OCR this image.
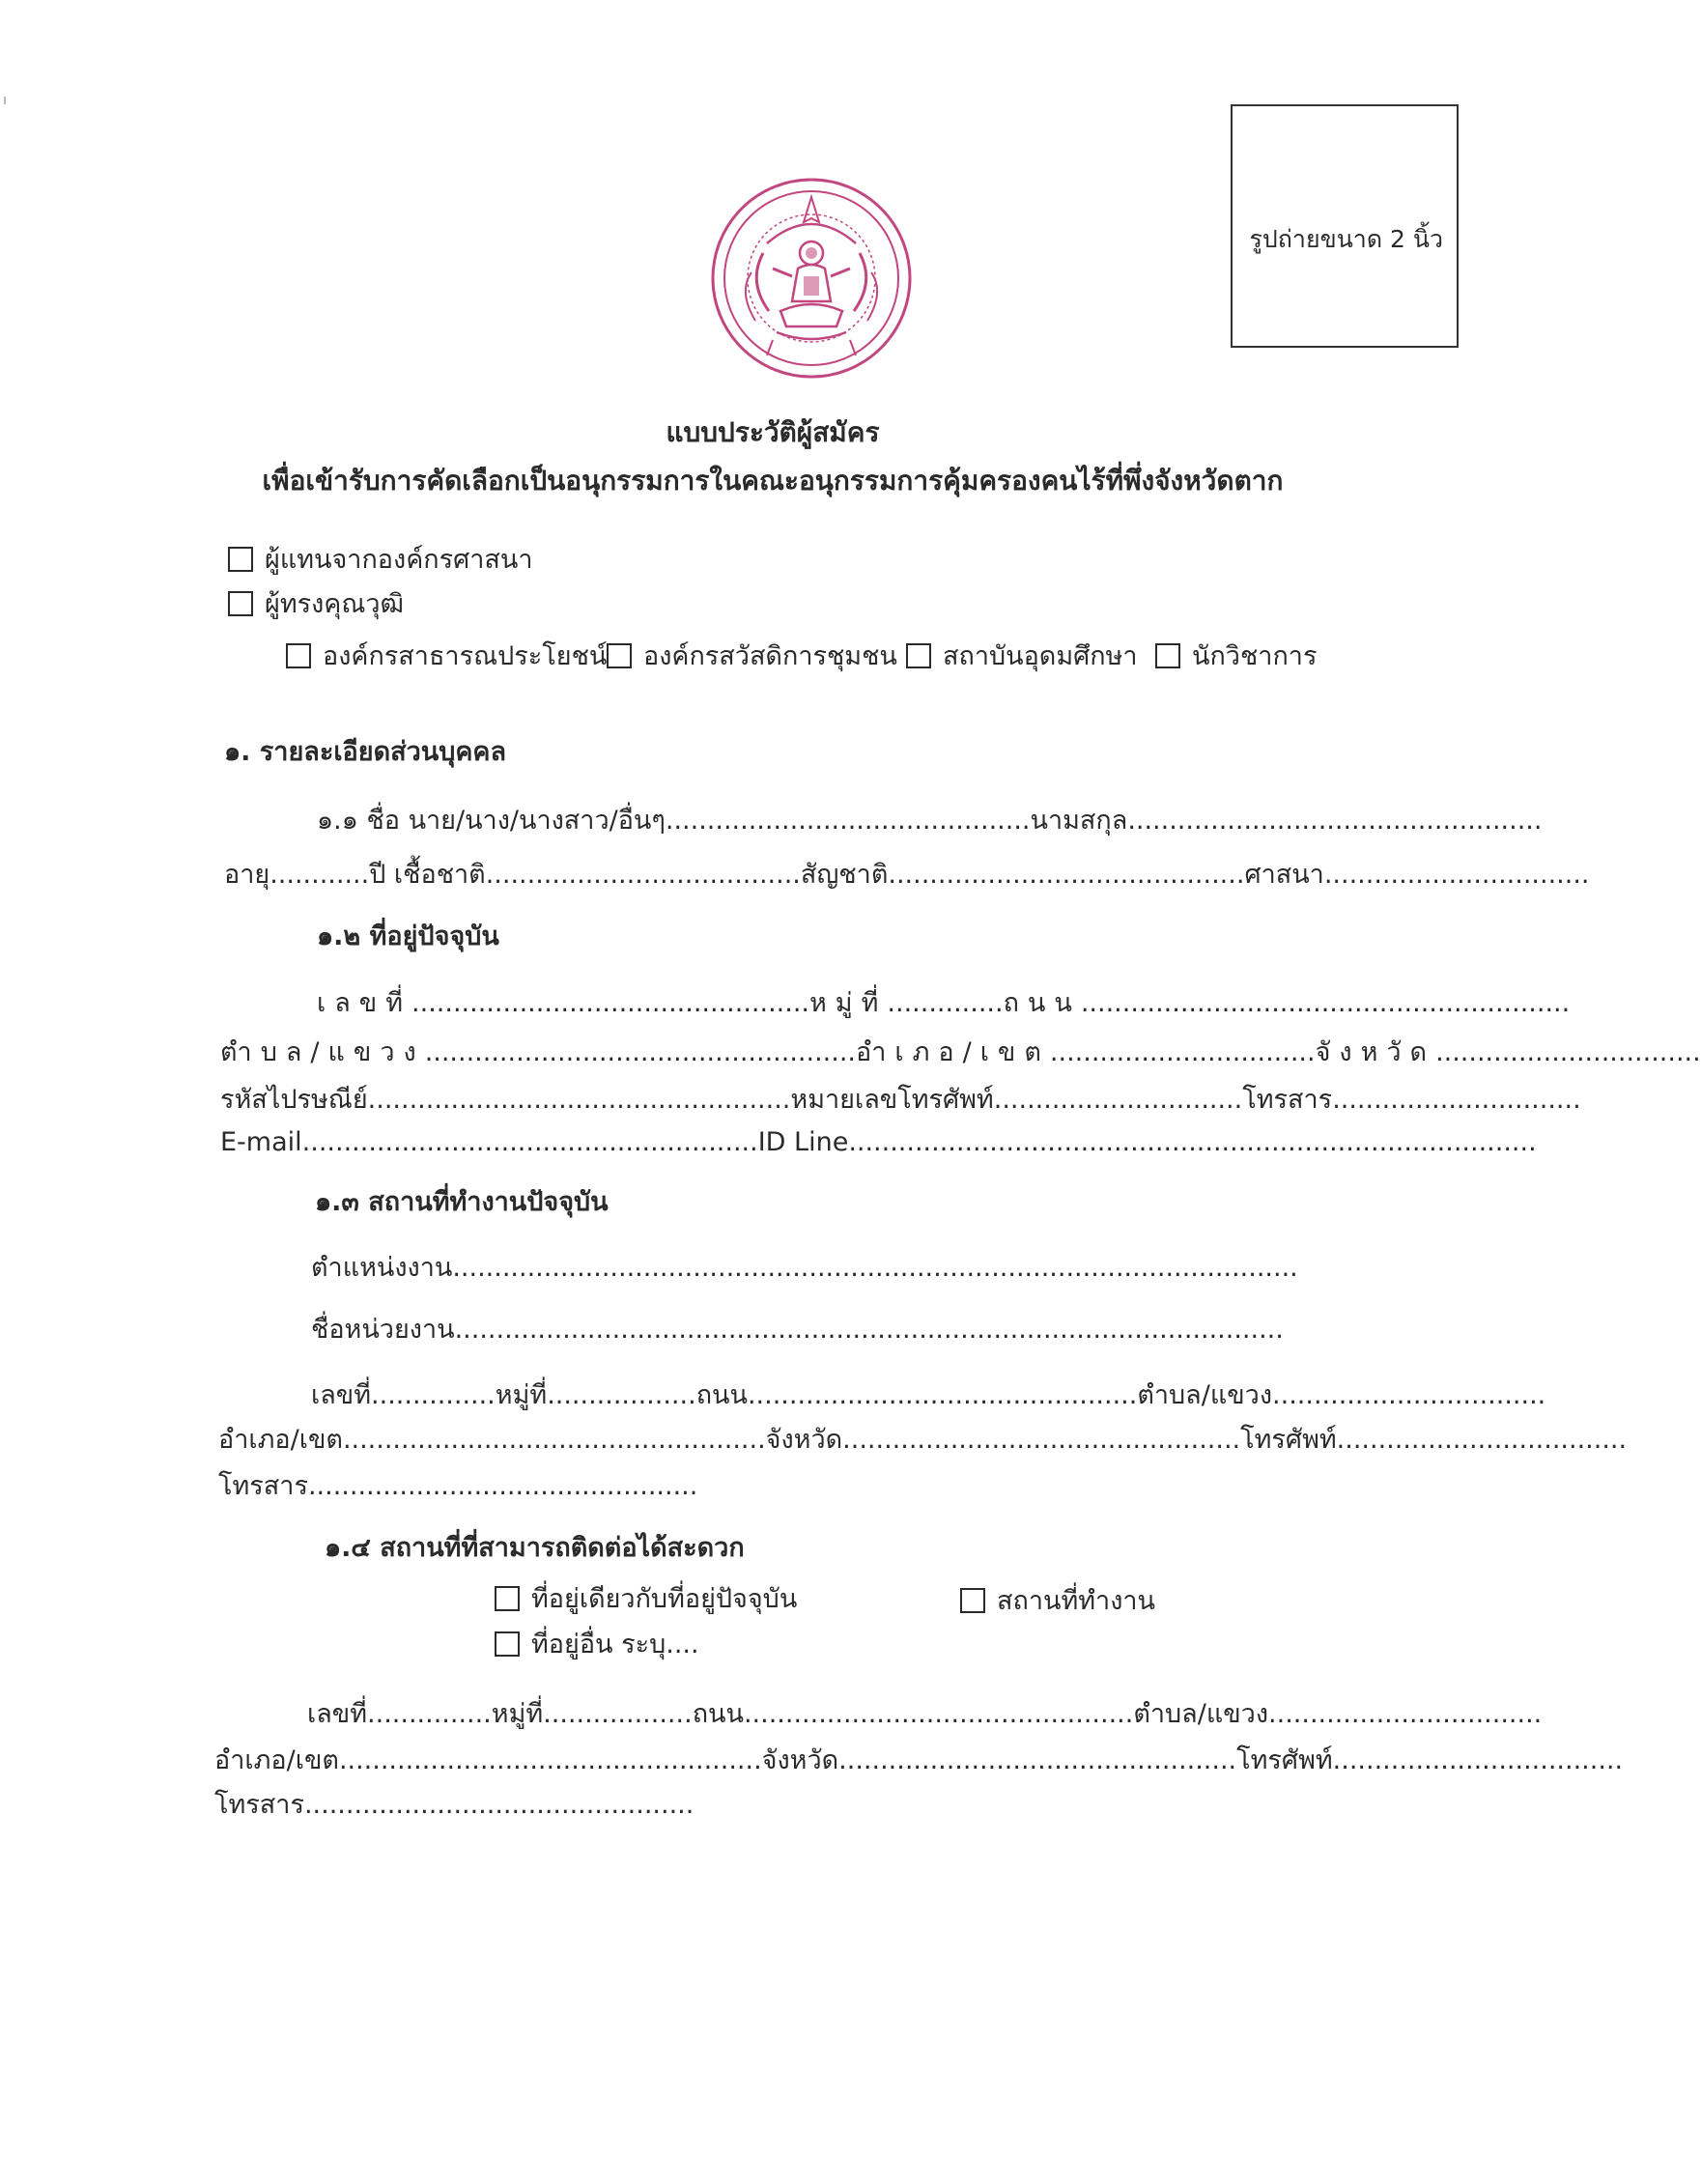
รูปถ่ายขนาด 2 นิ้ว
แบบประวัติผู้สมัคร
เพื่อเข้ารับการคัดเลือกเป็นอนุกรรมการในคณะอนุกรรมการคุ้มครองคนไร้ที่พึ่งจังหวัดตาก
ผู้แทนจากองค์กรศาสนา
ผู้ทรงคุณวุฒิ
องค์กรสาธารณประโยชน์	องค์กรสวัสดิการชุมชน	สถาบันอุดมศึกษา	นักวิชาการ
๑. รายละเอียดส่วนบุคคล
๑.๑ ชื่อ นาย/นาง/นางสาว/อื่นๆ............................................นามสกุล..................................................
อายุ............ปี เชื้อชาติ......................................สัญชาติ...........................................ศาสนา................................
๑.๒ ที่อยู่ปัจจุบัน
เลขที่................................................หมู่ที่..............ถนน...........................................................
ตำบล/แขวง....................................................อำเภอ/เขต................................จังหวัด................................
รหัสไปรษณีย์...................................................หมายเลขโทรศัพท์..............................โทรสาร..............................
E-mail.......................................................ID Line...................................................................................
๑.๓ สถานที่ทำงานปัจจุบัน
ตำแหน่งงาน......................................................................................................
ชื่อหน่วยงาน....................................................................................................
เลขที่...............หมู่ที่..................ถนน...............................................ตำบล/แขวง.................................
อำเภอ/เขต...................................................จังหวัด................................................โทรศัพท์...................................
โทรสาร...............................................
๑.๔ สถานที่ที่สามารถติดต่อได้สะดวก
ที่อยู่เดียวกับที่อยู่ปัจจุบัน	สถานที่ทำงาน
ที่อยู่อื่น ระบุ....
เลขที่...............หมู่ที่..................ถนน...............................................ตำบล/แขวง.................................
อำเภอ/เขต...................................................จังหวัด................................................โทรศัพท์...................................
โทรสาร...............................................
